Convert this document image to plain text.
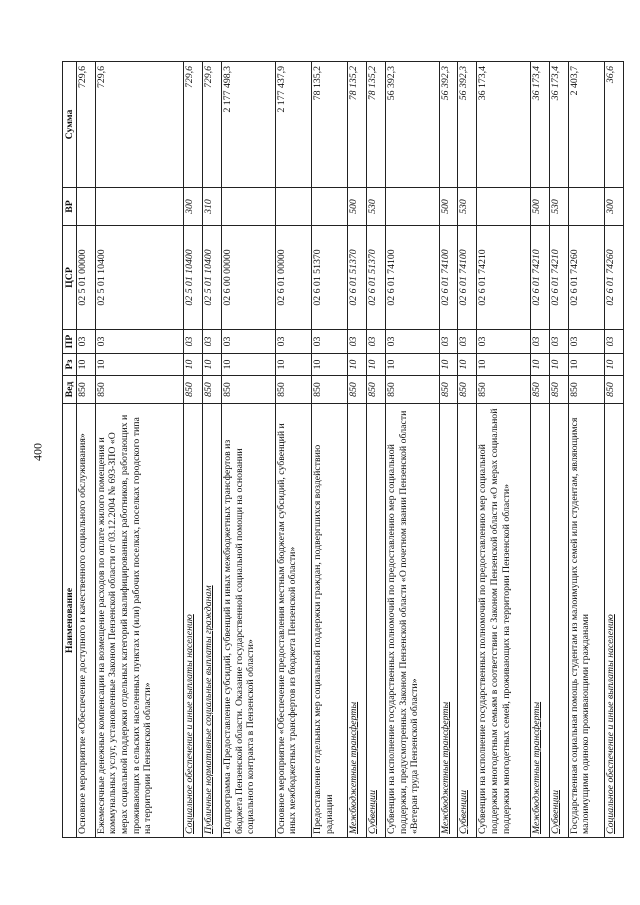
400
Наименование	Вед	Рз	ПР	ЦСР	ВР	Сумма
Основное мероприятие «Обеспечение доступного и качественного социального обслуживания»	850	10	03	02 5 01 00000		729,6
Ежемесячные денежные компенсации на возмещение расходов по оплате жилого помещения и коммунальных услуг, установленные Законом Пензенской области от 03.12.2004 № 693-ЗПО «О мерах социальной поддержки отдельных категорий квалифицированных работников, работающих и проживающих в сельских населенных пунктах и (или) рабочих поселках, поселках городского типа на территории Пензенской области»	850	10	03	02 5 01 10400		729,6
Социальное обеспечение и иные выплаты населению	850	10	03	02 5 01 10400	300	729,6
Публичные нормативные социальные выплаты гражданам	850	10	03	02 5 01 10400	310	729,6
Подпрограмма «Предоставление субсидий, субвенций и иных межбюджетных трансфертов из бюджета Пензенской области. Оказание государственной социальной помощи на основании социального контракта в Пензенской области»	850	10	03	02 6 00 00000		2 177 498,3
Основное мероприятие «Обеспечение предоставления местным бюджетам субсидий, субвенций и иных межбюджетных трансфертов из бюджета Пензенской области»	850	10	03	02 6 01 00000		2 177 437,9
Предоставление отдельных мер социальной поддержки граждан, подвергшихся воздействию радиации	850	10	03	02 6 01 51370		78 135,2
Межбюджетные трансферты	850	10	03	02 6 01 51370	500	78 135,2
Субвенции	850	10	03	02 6 01 51370	530	78 135,2
Субвенции на исполнение государственных полномочий по предоставлению мер социальной поддержки, предусмотренных Законом Пензенской области «О почетном звании Пензенской области «Ветеран труда Пензенской области»	850	10	03	02 6 01 74100		56 392,3
Межбюджетные трансферты	850	10	03	02 6 01 74100	500	56 392,3
Субвенции	850	10	03	02 6 01 74100	530	56 392,3
Субвенции на исполнение государственных полномочий по предоставлению мер социальной поддержки многодетным семьям в соответствии с Законом Пензенской области «О мерах социальной поддержки многодетных семей, проживающих на территории Пензенской области»	850	10	03	02 6 01 74210		36 173,4
Межбюджетные трансферты	850	10	03	02 6 01 74210	500	36 173,4
Субвенции	850	10	03	02 6 01 74210	530	36 173,4
Государственная социальная помощь студентам из малоимущих семей или студентам, являющимся малоимущими одиноко проживающими гражданами	850	10	03	02 6 01 74260		2 403,7
Социальное обеспечение и иные выплаты населению	850	10	03	02 6 01 74260	300	36,6
